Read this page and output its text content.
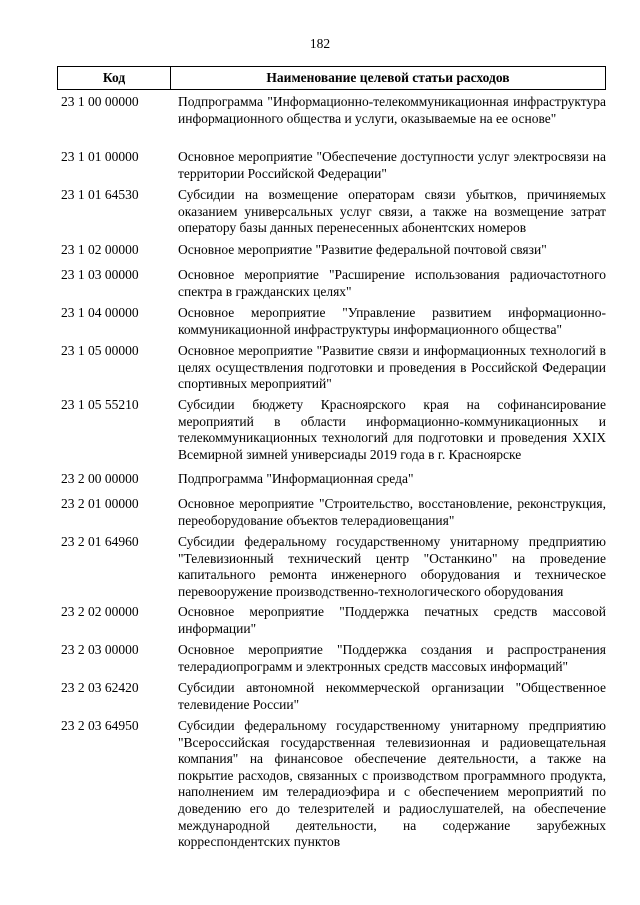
182
Код	Наименование целевой статьи расходов
23 1 00 00000	Подпрограмма "Информационно-телекоммуникационная инфраструктура информационного общества и услуги, оказываемые на ее основе"
23 1 01 00000	Основное мероприятие "Обеспечение доступности услуг электросвязи на территории Российской Федерации"
23 1 01 64530	Субсидии на возмещение операторам связи убытков, причиняемых оказанием универсальных услуг связи, а также на возмещение затрат оператору базы данных перенесенных абонентских номеров
23 1 02 00000	Основное мероприятие "Развитие федеральной почтовой связи"
23 1 03 00000	Основное мероприятие "Расширение использования радиочастотного спектра в гражданских целях"
23 1 04 00000	Основное мероприятие "Управление развитием информационно-коммуникационной инфраструктуры информационного общества"
23 1 05 00000	Основное мероприятие "Развитие связи и информационных технологий в целях осуществления подготовки и проведения в Российской Федерации спортивных мероприятий"
23 1 05 55210	Субсидии бюджету Красноярского края на софинансирование мероприятий в области информационно-коммуникационных и телекоммуникационных технологий для подготовки и проведения XXIX Всемирной зимней универсиады 2019 года в г. Красноярске
23 2 00 00000	Подпрограмма "Информационная среда"
23 2 01 00000	Основное мероприятие "Строительство, восстановление, реконструкция, переоборудование объектов телерадиовещания"
23 2 01 64960	Субсидии федеральному государственному унитарному предприятию "Телевизионный технический центр "Останкино" на проведение капитального ремонта инженерного оборудования и техническое перевооружение производственно-технологического оборудования
23 2 02 00000	Основное мероприятие "Поддержка печатных средств массовой информации"
23 2 03 00000	Основное мероприятие "Поддержка создания и распространения телерадиопрограмм и электронных средств массовых информаций"
23 2 03 62420	Субсидии автономной некоммерческой организации "Общественное телевидение России"
23 2 03 64950	Субсидии федеральному государственному унитарному предприятию "Всероссийская государственная телевизионная и радиовещательная компания" на финансовое обеспечение деятельности, а также на покрытие расходов, связанных с производством программного продукта, наполнением им телерадиоэфира и с обеспечением мероприятий по доведению его до телезрителей и радиослушателей, на обеспечение международной деятельности, на содержание зарубежных корреспондентских пунктов
